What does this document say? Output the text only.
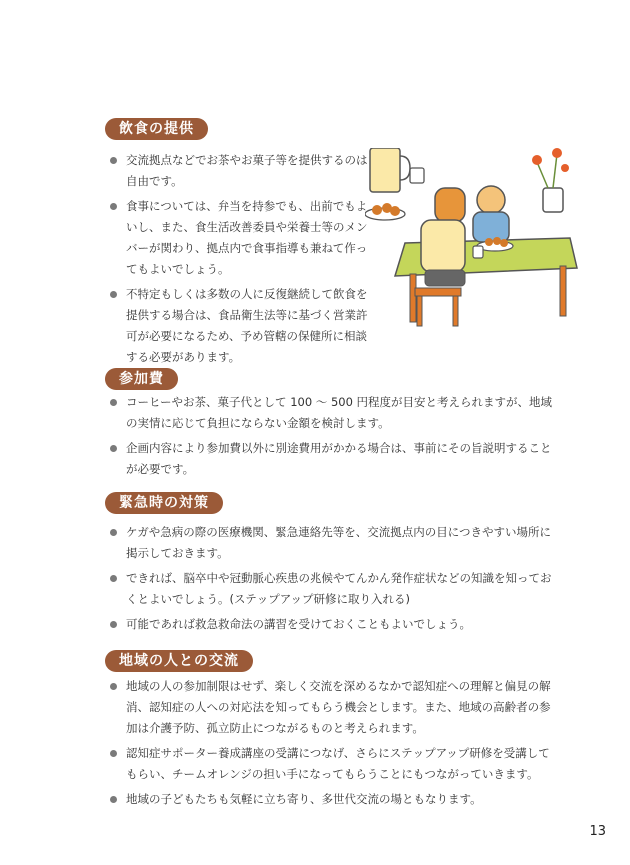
飲食の提供
交流拠点などでお茶やお菓子等を提供するのは自由です。
食事については、弁当を持参でも、出前でもよいし、また、食生活改善委員や栄養士等のメンバーが関わり、拠点内で食事指導も兼ねて作ってもよいでしょう。
不特定もしくは多数の人に反復継続して飲食を提供する場合は、食品衛生法等に基づく営業許可が必要になるため、予め管轄の保健所に相談する必要があります。
参加費
コーヒーやお茶、菓子代として 100 ～ 500 円程度が目安と考えられますが、地域の実情に応じて負担にならない金額を検討します。
企画内容により参加費以外に別途費用がかかる場合は、事前にその旨説明することが必要です。
緊急時の対策
ケガや急病の際の医療機関、緊急連絡先等を、交流拠点内の目につきやすい場所に掲示しておきます。
できれば、脳卒中や冠動脈心疾患の兆候やてんかん発作症状などの知識を知っておくとよいでしょう。(ステップアップ研修に取り入れる)
可能であれば救急救命法の講習を受けておくこともよいでしょう。
地域の人との交流
地域の人の参加制限はせず、楽しく交流を深めるなかで認知症への理解と偏見の解消、認知症の人への対応法を知ってもらう機会とします。また、地域の高齢者の参加は介護予防、孤立防止につながるものと考えられます。
認知症サポーター養成講座の受講につなげ、さらにステップアップ研修を受講してもらい、チームオレンジの担い手になってもらうことにもつながっていきます。
地域の子どもたちも気軽に立ち寄り、多世代交流の場ともなります。
13
